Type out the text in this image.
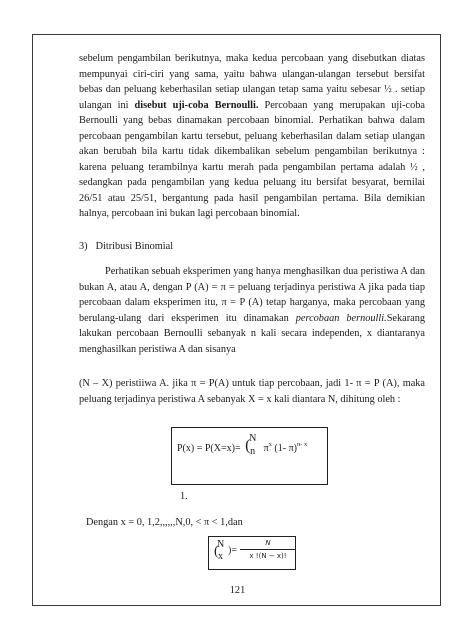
sebelum pengambilan berikutnya, maka kedua percobaan yang disebutkan diatas mempunyai ciri-ciri yang sama, yaitu bahwa ulangan-ulangan tersebut bersifat bebas dan peluang keberhasilan setiap ulangan tetap sama yaitu sebesar ½ . setiap ulangan ini disebut uji-coba Bernoulli. Percobaan yang merupakan uji-coba Bernoulli yang bebas dinamakan percobaan binomial. Perhatikan bahwa dalam percobaan pengambilan kartu tersebut, peluang keberhasilan dalam setiap ulangan akan berubah bila kartu tidak dikembalikan sebelum pengambilan berikutnya : karena peluang terambilnya kartu merah pada pengambilan pertama adalah ½ , sedangkan pada pengambilan yang kedua peluang itu bersifat besyarat, bernilai 26/51 atau 25/51, bergantung pada hasil pengambilan pertama. Bila demikian halnya, percobaan ini bukan lagi percobaan binomial.

3) Ditribusi Binomial

Perhatikan sebuah eksperimen yang hanya menghasilkan dua peristiwa A dan bukan A, atau A, dengan P (A) = π = peluang terjadinya peristiwa A jika pada tiap percobaan dalam eksperimen itu, π = P (A) tetap harganya, maka percobaan yang berulang-ulang dari eksperimen itu dinamakan percobaan bernoulli.Sekarang lakukan percobaan Bernoulli sebanyak n kali secara independen, x diantaranya menghasilkan peristiwa A dan sisanya

(N – X) peristiiwa A. jika π = P(A) untuk tiap percobaan, jadi 1- π = P (A), maka peluang terjadinya peristiwa A sebanyak X = x kali diantara N, dihitung oleh :

P(x) = P(X=x)= (
N
n $\pi^x$ (1- π)$^{n- x}$
1.
Dengan x = 0, 1,2,,,,,,N,0, < π < 1,dan
(
N
x
)= $\frac{N}{x !(N - x)!}$
121
